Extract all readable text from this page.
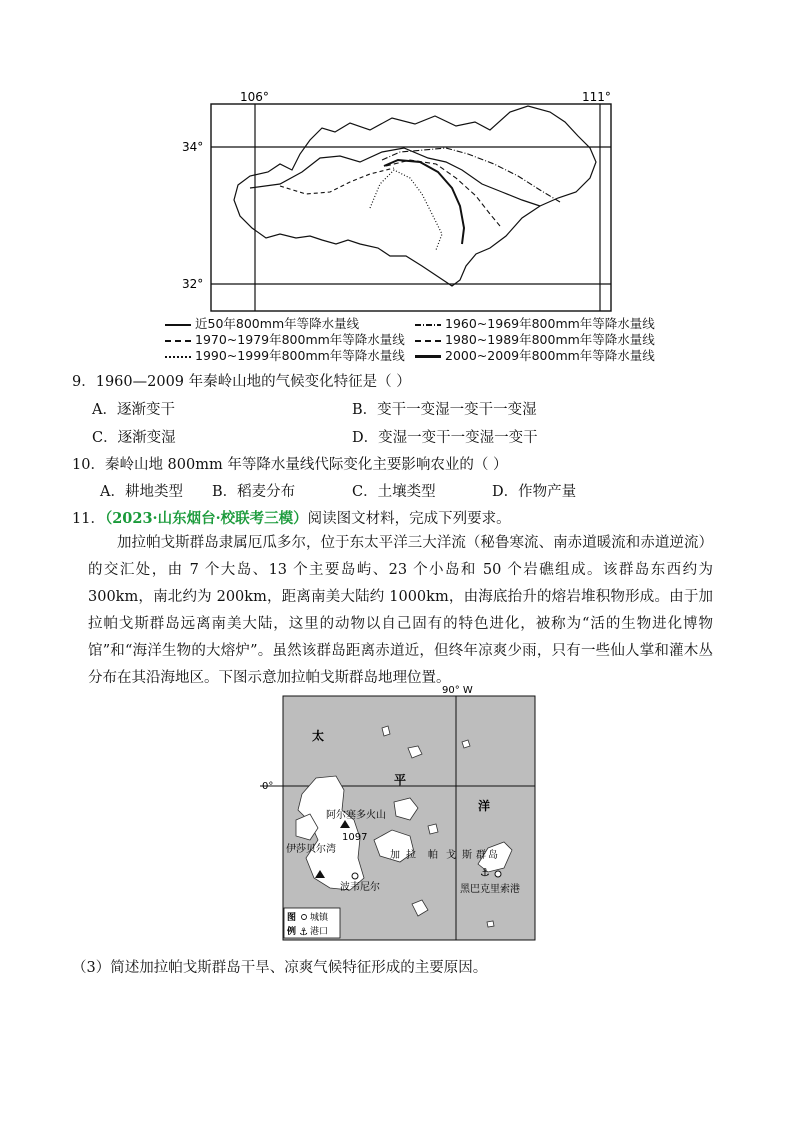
106°	111°
34°
32°
近50年800mm年等降水量线	1960~1969年800mm年等降水量线
1970~1979年800mm年等降水量线	1980~1989年800mm年等降水量线
1990~1999年800mm年等降水量线	2000~2009年800mm年等降水量线
9．1960—2009 年秦岭山地的气候变化特征是（ ）
A．逐渐变干	B．变干一变湿一变干一变湿
C．逐渐变湿	D．变湿一变干一变湿一变干
10．秦岭山地 800mm 年等降水量线代际变化主要影响农业的（ ）
A．耕地类型 B．稻麦分布	C．土壤类型	D．作物产量
11．（2023·山东烟台·校联考三模）阅读图文材料，完成下列要求。

加拉帕戈斯群岛隶属厄瓜多尔，位于东太平洋三大洋流（秘鲁寒流、南赤道暖流和赤道逆流）的交汇处，由 7 个大岛、13 个主要岛屿、23 个小岛和 50 个岩礁组成。该群岛东西约为 300km，南北约为 200km，距离南美大陆约 1000km，由海底抬升的熔岩堆积物形成。由于加拉帕戈斯群岛远离南美大陆，这里的动物以自己固有的特色进化，被称为“活的生物进化博物馆”和“海洋生物的大熔炉”。虽然该群岛距离赤道近，但终年凉爽少雨，只有一些仙人掌和灌木丛分布在其沿海地区。下图示意加拉帕戈斯群岛地理位置。

90° W
0°
太
平
洋
阿尔塞多火山
1097
伊莎贝尔湾
波韦尼尔
加 拉 帕 戈 斯 群 岛
⚓
黑巴克里索港
图
例
城镇
⚓ 港口
（3）简述加拉帕戈斯群岛干旱、凉爽气候特征形成的主要原因。
